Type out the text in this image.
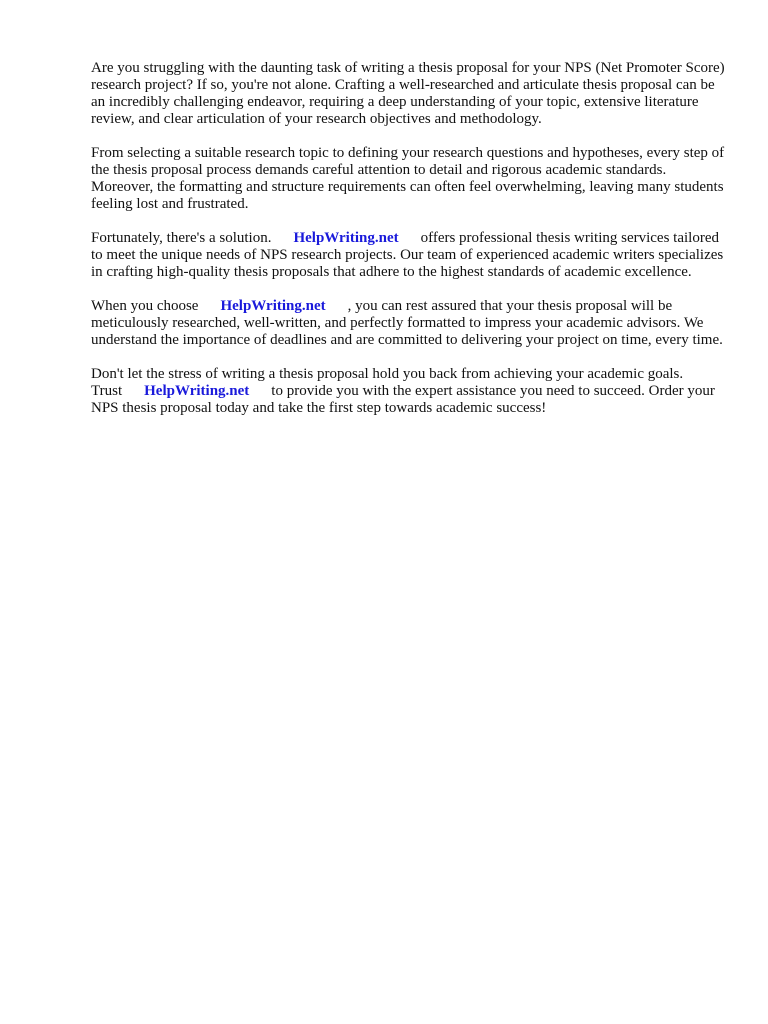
Are you struggling with the daunting task of writing a thesis proposal for your NPS (Net Promoter Score) research project? If so, you're not alone. Crafting a well-researched and articulate thesis proposal can be an incredibly challenging endeavor, requiring a deep understanding of your topic, extensive literature review, and clear articulation of your research objectives and methodology.

From selecting a suitable research topic to defining your research questions and hypotheses, every step of the thesis proposal process demands careful attention to detail and rigorous academic standards. Moreover, the formatting and structure requirements can often feel overwhelming, leaving many students feeling lost and frustrated.

Fortunately, there's a solution. HelpWriting.net offers professional thesis writing services tailored to meet the unique needs of NPS research projects. Our team of experienced academic writers specializes in crafting high-quality thesis proposals that adhere to the highest standards of academic excellence.

When you choose HelpWriting.net , you can rest assured that your thesis proposal will be meticulously researched, well-written, and perfectly formatted to impress your academic advisors. We understand the importance of deadlines and are committed to delivering your project on time, every time.

Don't let the stress of writing a thesis proposal hold you back from achieving your academic goals.
Trust HelpWriting.net to provide you with the expert assistance you need to succeed. Order your NPS thesis proposal today and take the first step towards academic success!
